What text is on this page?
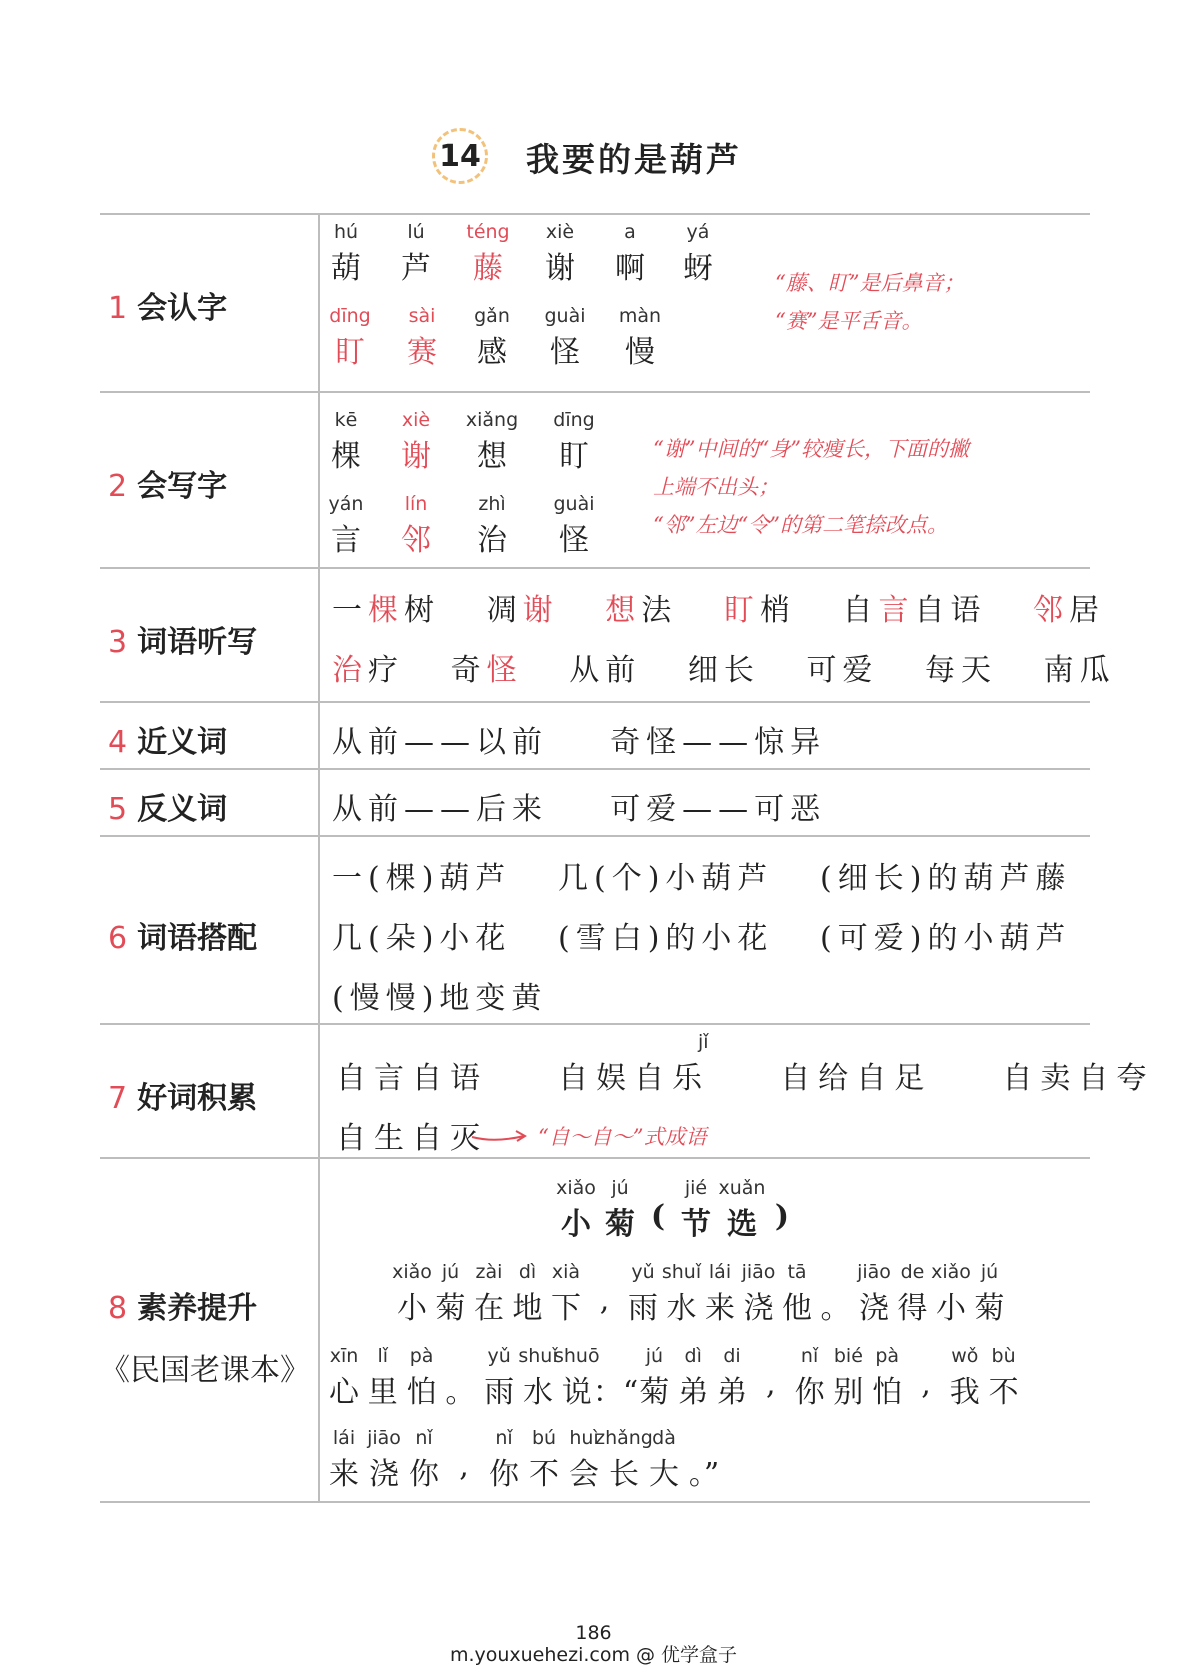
14 我要的是葫芦
1 会认字
“藤、盯”是后鼻音；
“赛”是平舌音。
hú
葫
lú
芦
téng
藤
xiè
谢
a
啊
yá
蚜
dīng
盯
sài
赛
gǎn
感
guài
怪
màn
慢
2 会写字
“谢”中间的“身”较瘦长，下面的撇
上端不出头；
“邻”左边“令”的第二笔捺改点。
kē
棵
xiè
谢
xiǎng
想
dīng
盯
yán
言
lín
邻
zhì
治
guài
怪
3 词语听写
一棵树 凋谢 想法 盯梢 自言自语 邻居
治疗 奇怪 从前 细长 可爱 每天 南瓜
4 近义词	从前——以前    奇怪——惊异
5 反义词	从前——后来    可爱——可恶
6 词语搭配
一(棵)葫芦   几(个)小葫芦   (细长)的葫芦藤
几(朵)小花   (雪白)的小花   (可爱)的小葫芦
(慢慢)地变黄
7 好词积累
jǐ
自言自语    自娱自乐    自给自足    自卖自夸
自生自灭 “自～自～”式成语
8 素养提升
《民国老课本》
xiǎo
小
jú
菊 (
jié
节
xuǎn
选 )
xiǎo
小
jú
菊
zài
在
dì
地
xià
下 ,
yǔ
雨
shuǐ
水
lái
来
jiāo
浇
tā
他 。
jiāo
浇
de
得
xiǎo
小
jú
菊
xīn
心
lǐ
里
pà
怕 。
yǔ
雨
shuǐ
水
shuō
说 ：“
jú
菊
dì
弟
di
弟 ,
nǐ
你
bié
别
pà
怕 ,
wǒ
我
bù
不
lái
来
jiāo
浇
nǐ
你 ,
nǐ
你
bú
不
huì
会
zhǎng
长
dà
大 。”
m.youxuehezi.com @ 优学盒子
186
